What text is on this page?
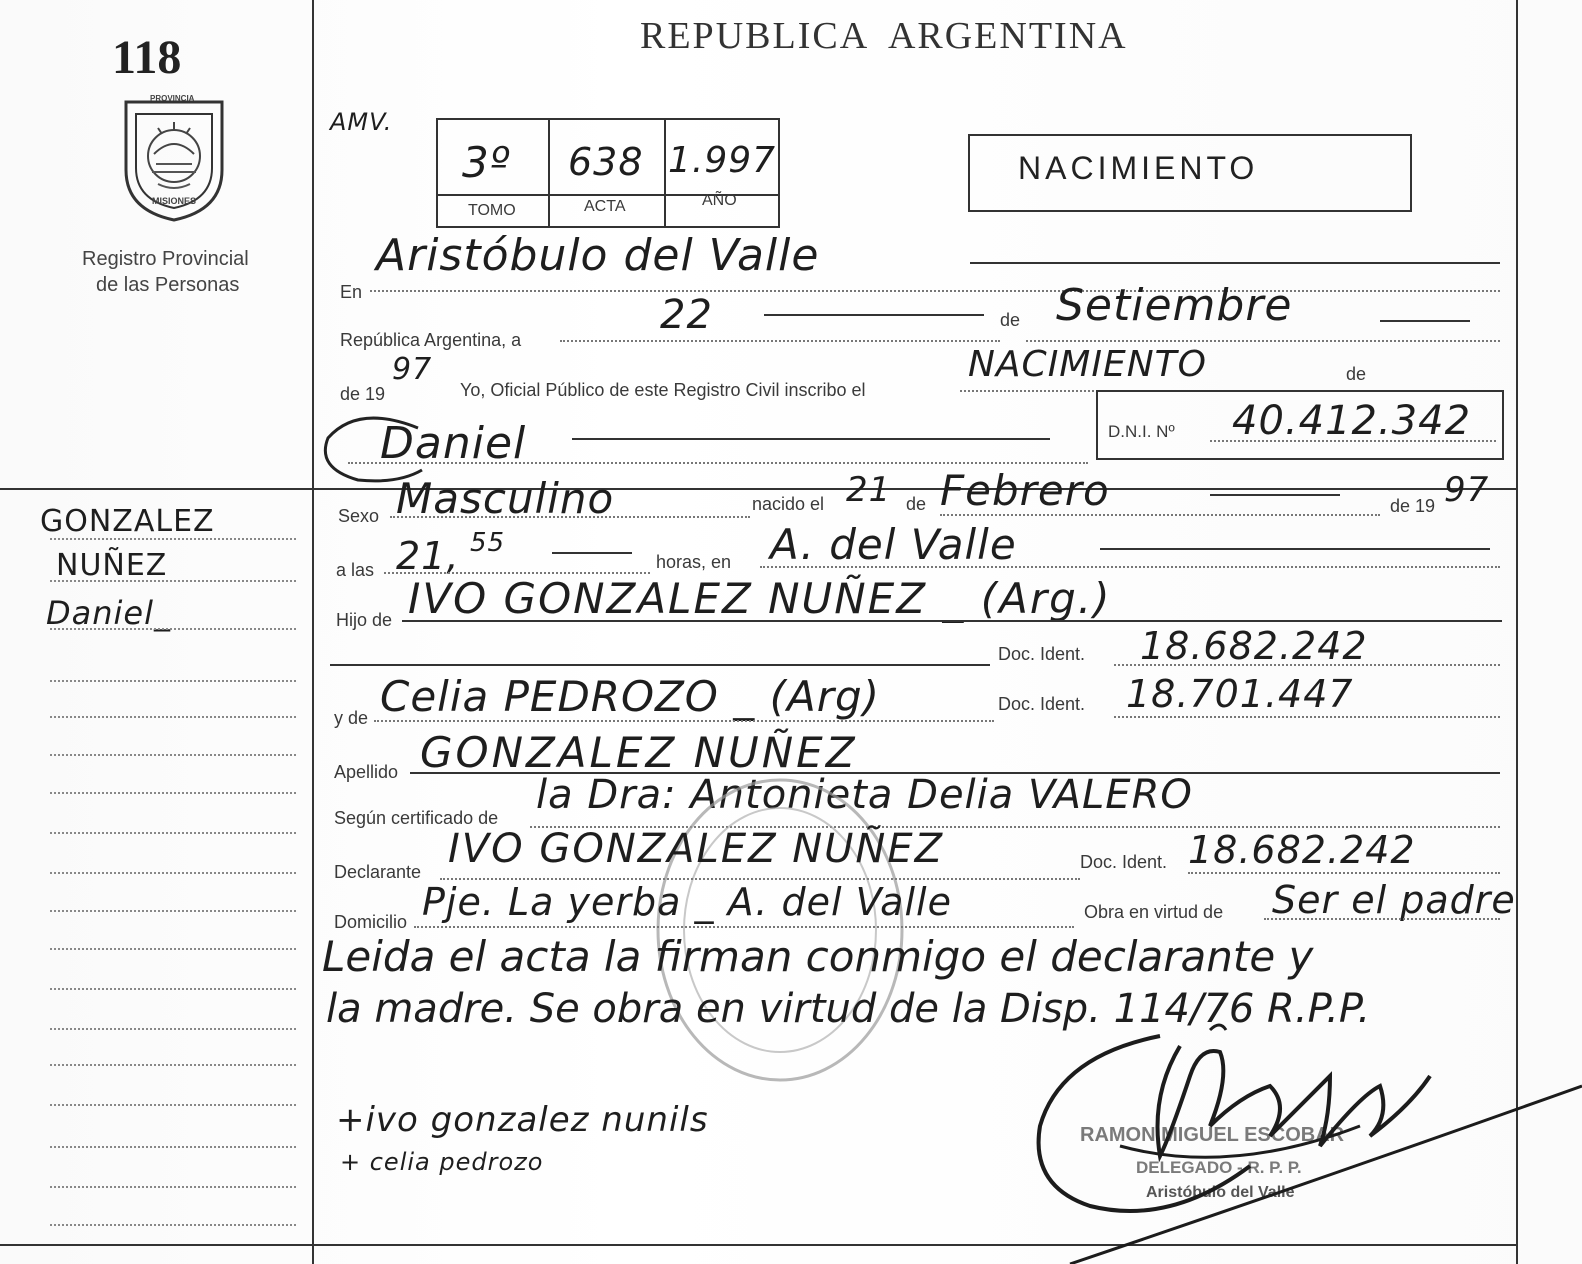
118
PROVINCIA
MISIONES
Registro Provincial
de las Personas
REPUBLICA  ARGENTINA
AMV.
3º 638 1.997
TOMO	ACTA	AÑO
NACIMIENTO
En
Aristóbulo del Valle
República Argentina, a
22	de Setiembre
de 19
97
Yo, Oficial Público de este Registro Civil inscribo el
NACIMIENTO	de
Daniel	D.N.I. Nº 40.412.342
GONZALEZ
NUÑEZ
Daniel_
Sexo Masculino	nacido el 21 de Febrero	de 19 97
a las 21, 55
horas, en A. del Valle
Hijo de IVO GONZALEZ NUÑEZ _ (Arg.)
Doc. Ident. 18.682.242
y de Celia PEDROZO _ (Arg)	Doc. Ident. 18.701.447
Apellido GONZALEZ NUÑEZ
Según certificado de la Dra: Antonieta Delia VALERO
Declarante IVO GONZALEZ NUÑEZ	Doc. Ident. 18.682.242
Domicilio Pje. La yerba _ A. del Valle	Obra en virtud de Ser el padre
Leida el acta la firman conmigo el declarante y
la madre. Se obra en virtud de la Disp. 114/76 R.P.P.
+ivo gonzalez nunils
+ celia pedrozo
RAMON MIGUEL ESCOBAR
DELEGADO - R. P. P.
Aristóbulo del Valle
